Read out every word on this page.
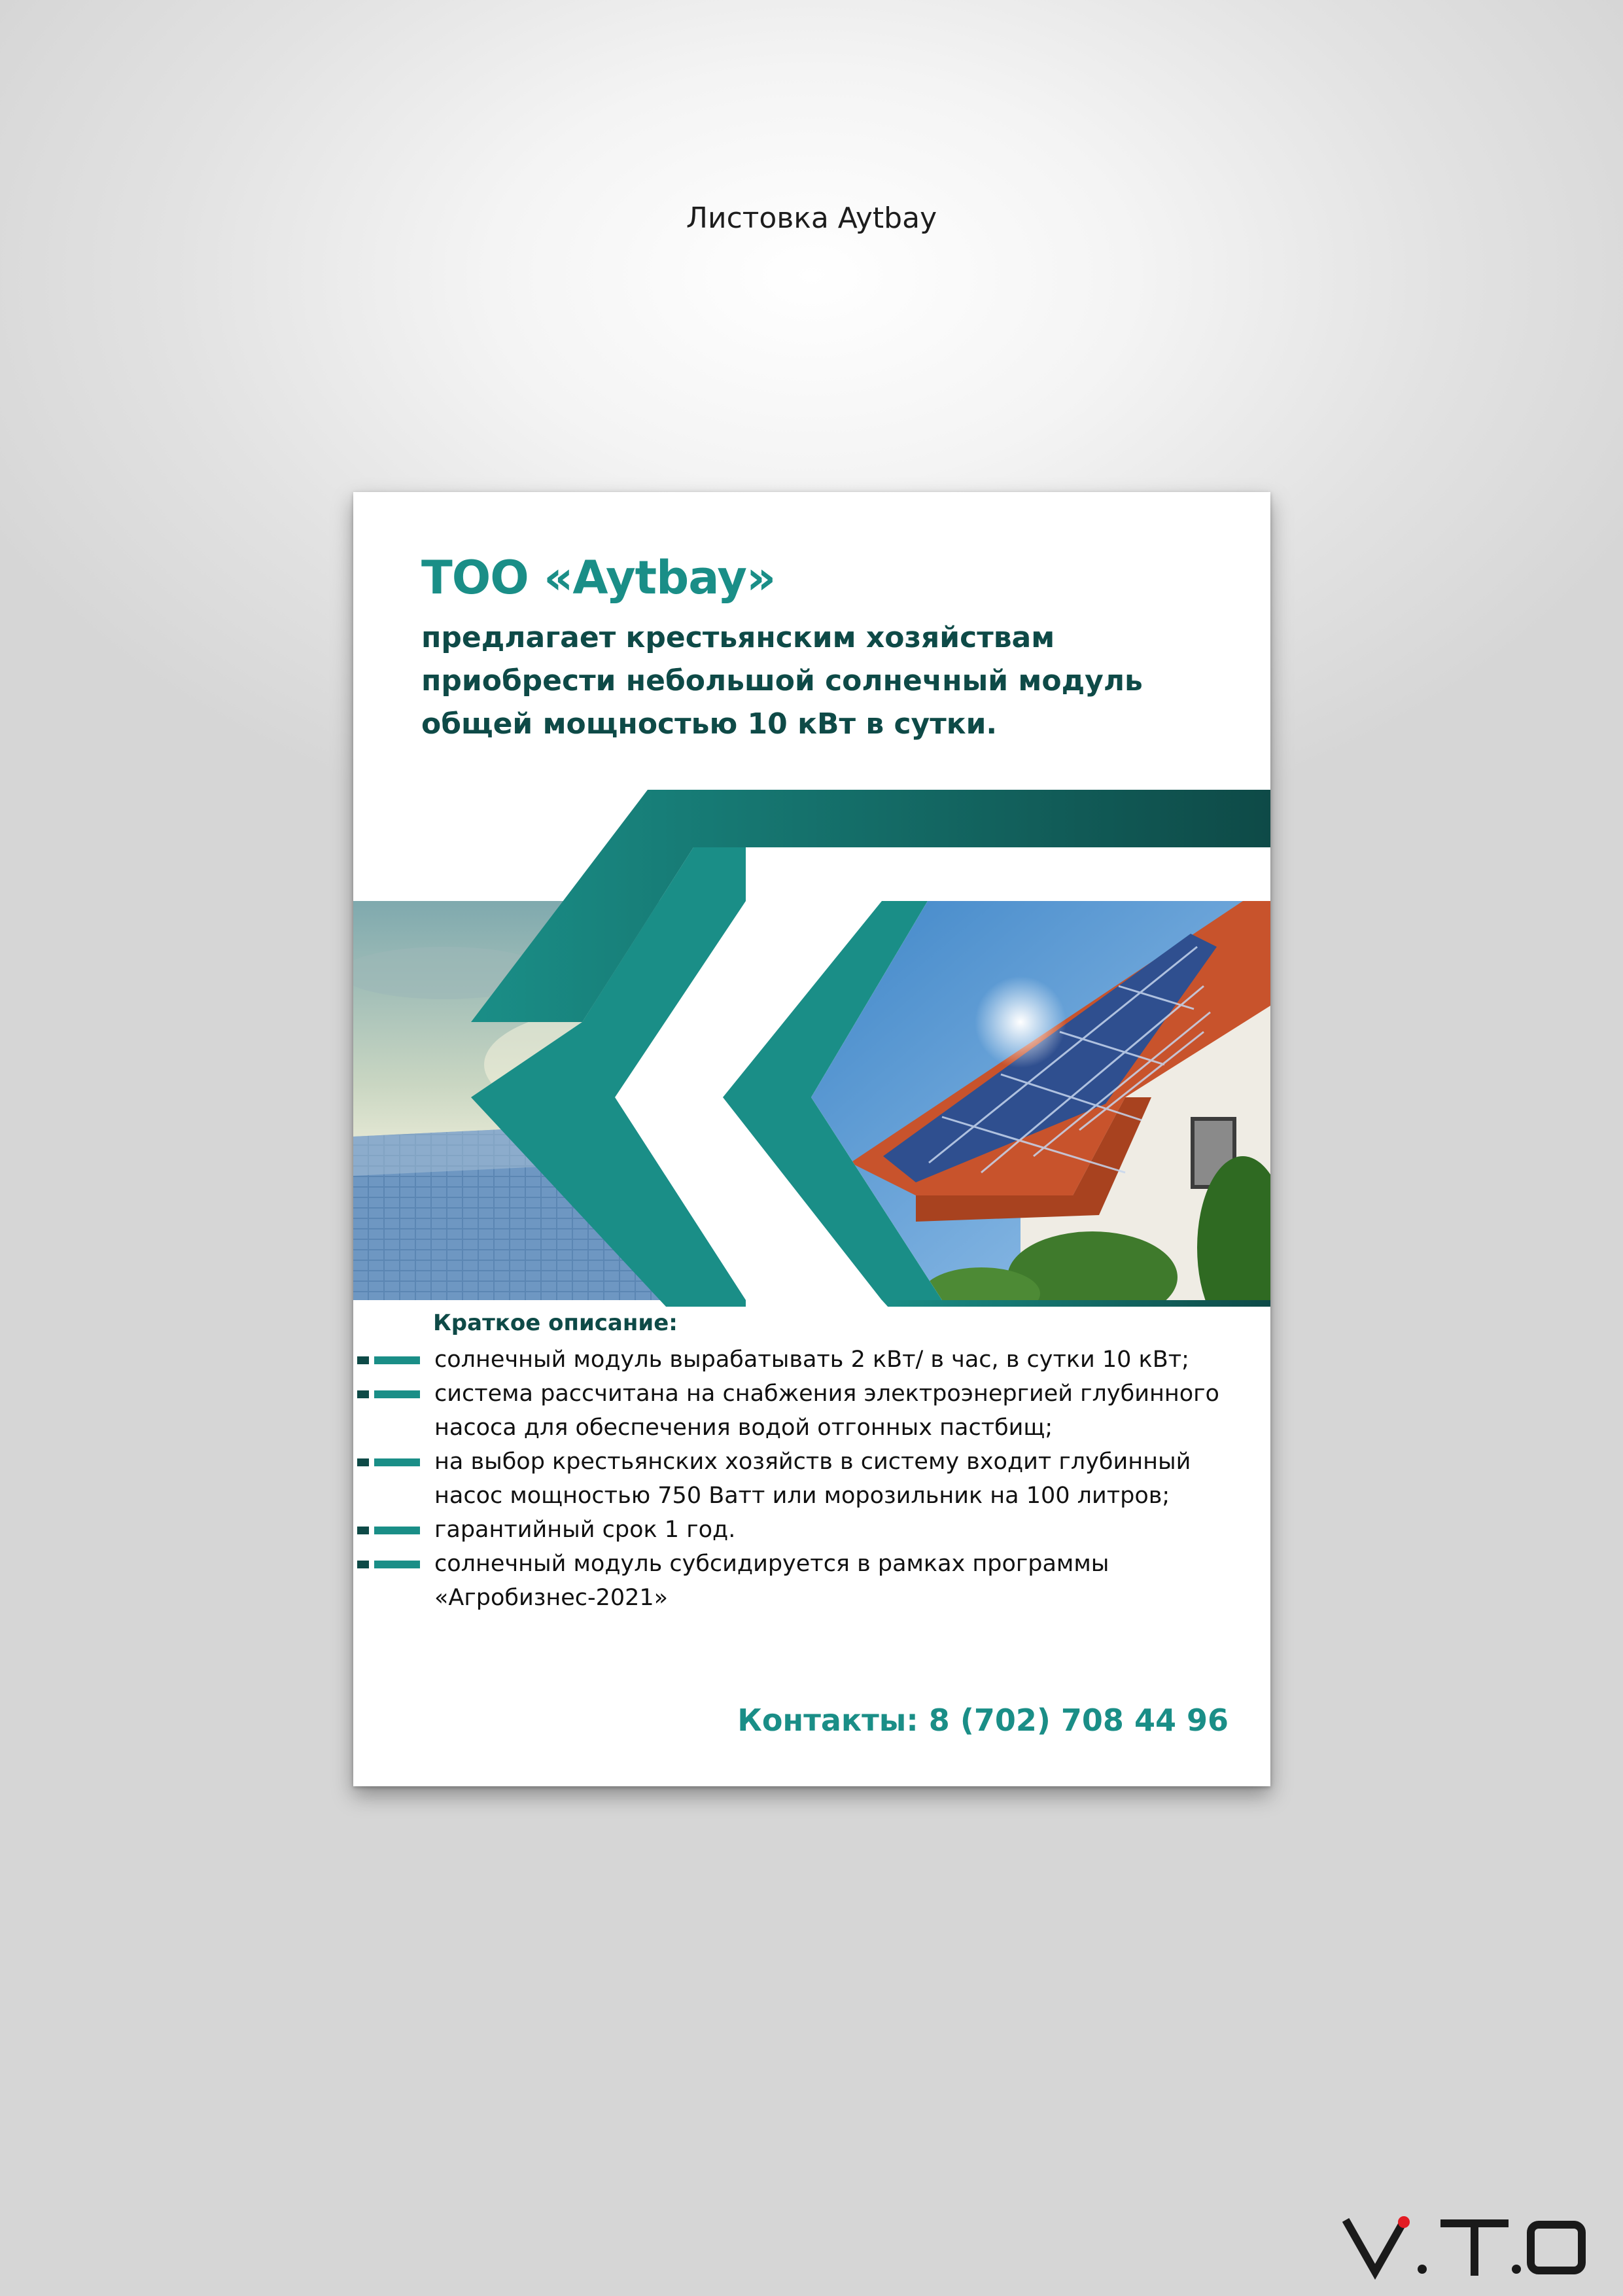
Листовка Aytbay
ТОО «Aytbay»
предлагает крестьянским хозяйствам
приобрести небольшой солнечный модуль
общей мощностью 10 кВт в сутки.
Краткое описание:
солнечный модуль вырабатывать 2 кВт/ в час, в сутки 10 кВт;
система рассчитана на снабжения электроэнергией глубинного
насоса для обеспечения водой отгонных пастбищ;
на выбор крестьянских хозяйств в систему входит глубинный
насос мощностью 750 Ватт или морозильник на 100 литров;
гарантийный срок 1 год.
солнечный модуль субсидируется в рамках программы
«Агробизнес-2021»
Контакты: 8 (702) 708 44 96
